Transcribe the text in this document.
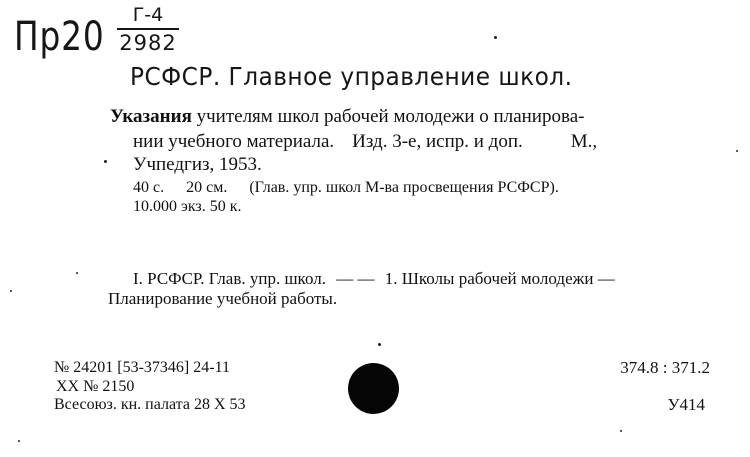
Пр20	Г-4
2982
РСФСР. Главное управление школ.
Указания учителям школ рабочей молодежи о планирова-
нии учебного материала. Изд. 3-е, испр. и доп.	М.,
Учпедгиз, 1953.
40 с. 20 см. (Глав. упр. школ М-ва просвещения РСФСР).
10.000 экз. 50 к.
I. РСФСР. Глав. упр. школ. — — 1. Школы рабочей молодежи —
Планирование учебной работы.
№ 24201 [53-37346] 24-11
XX № 2150
Всесоюз. кн. палата 28 X 53
374.8 : 371.2
У414
